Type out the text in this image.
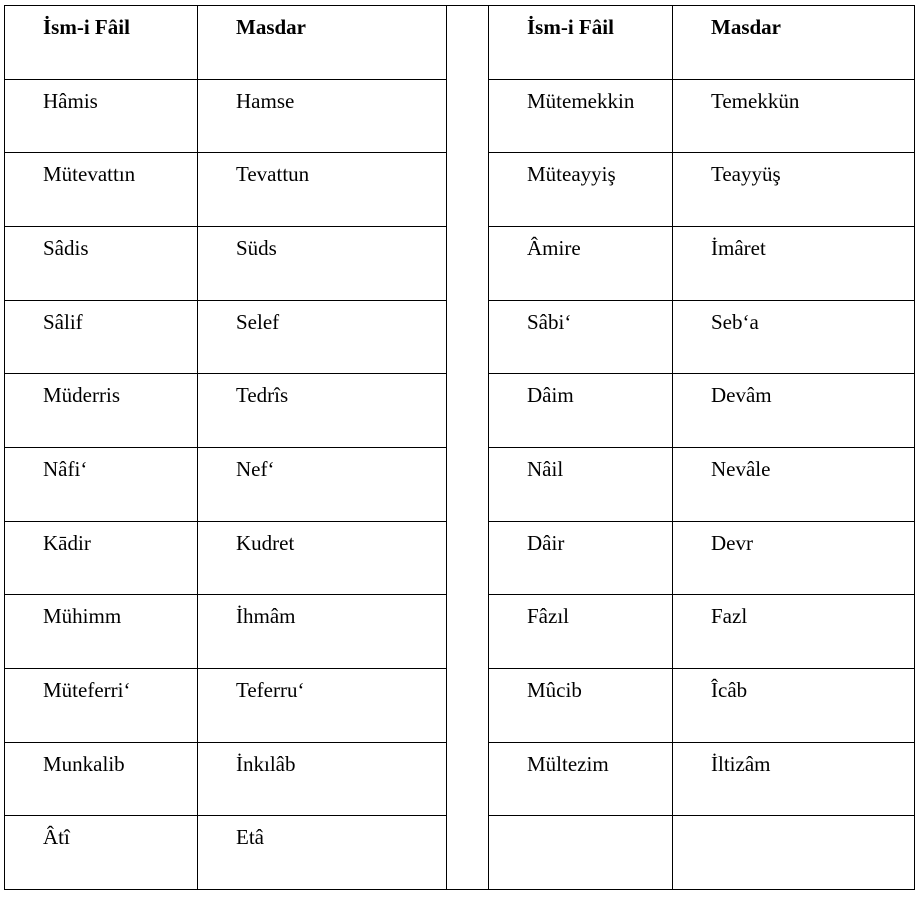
İsm-i Fâil	Masdar		İsm-i Fâil	Masdar
Hâmis	Hamse		Mütemekkin	Temekkün
Mütevattın	Tevattun		Müteayyiş	Teayyüş
Sâdis	Süds		Âmire	İmâret
Sâlif	Selef		Sâbi‘	Seb‘a
Müderris	Tedrîs		Dâim	Devâm
Nâfi‘	Nef‘		Nâil	Nevâle
Kādir	Kudret		Dâir	Devr
Mühimm	İhmâm		Fâzıl	Fazl
Müteferri‘	Teferru‘		Mûcib	Îcâb
Munkalib	İnkılâb		Mültezim	İltizâm
Âtî	Etâ			
